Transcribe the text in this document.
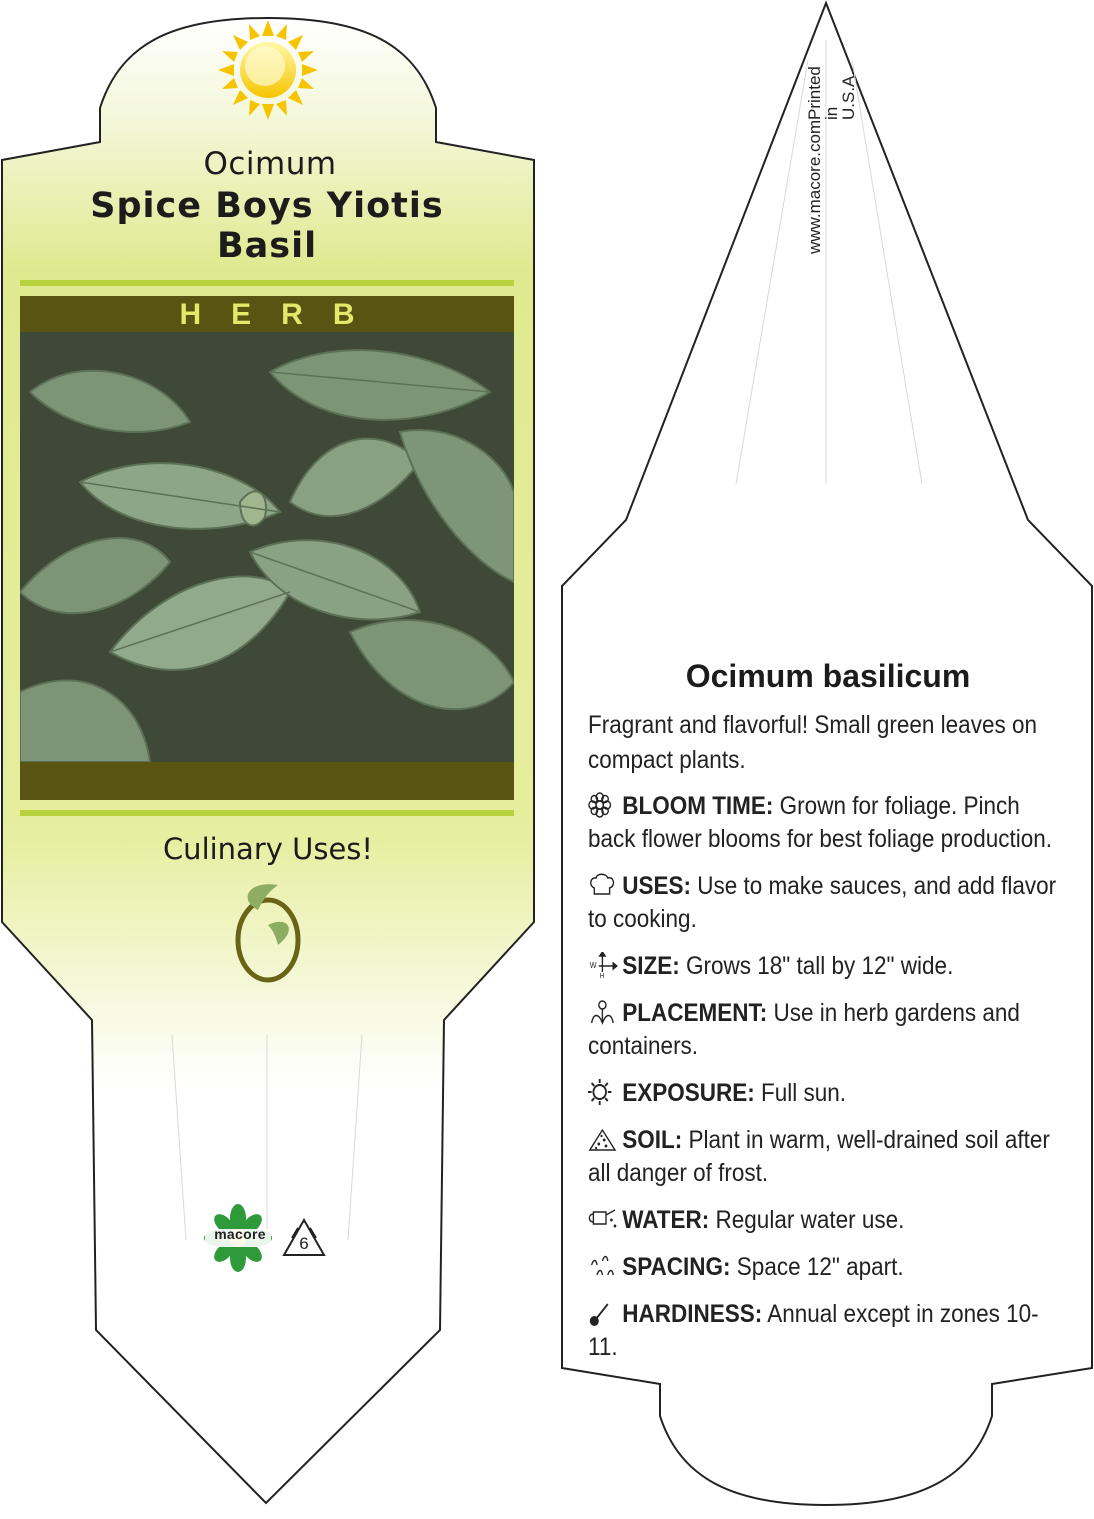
Ocimum
Spice Boys Yiotis
Basil
HERB
Culinary Uses!
macore	6
Printed in U.S.A.
www.macore.com
Ocimum basilicum
Fragrant and flavorful! Small green leaves on compact plants.
BLOOM TIME: Grown for foliage. Pinch back flower blooms for best foliage production.
USES: Use to make sauces, and add flavor to cooking.
W
H SIZE: Grows 18" tall by 12" wide.
PLACEMENT: Use in herb gardens and containers.
EXPOSURE: Full sun.
SOIL: Plant in warm, well-drained soil after all danger of frost.
WATER: Regular water use.
SPACING: Space 12" apart.
HARDINESS: Annual except in zones 10-11.
